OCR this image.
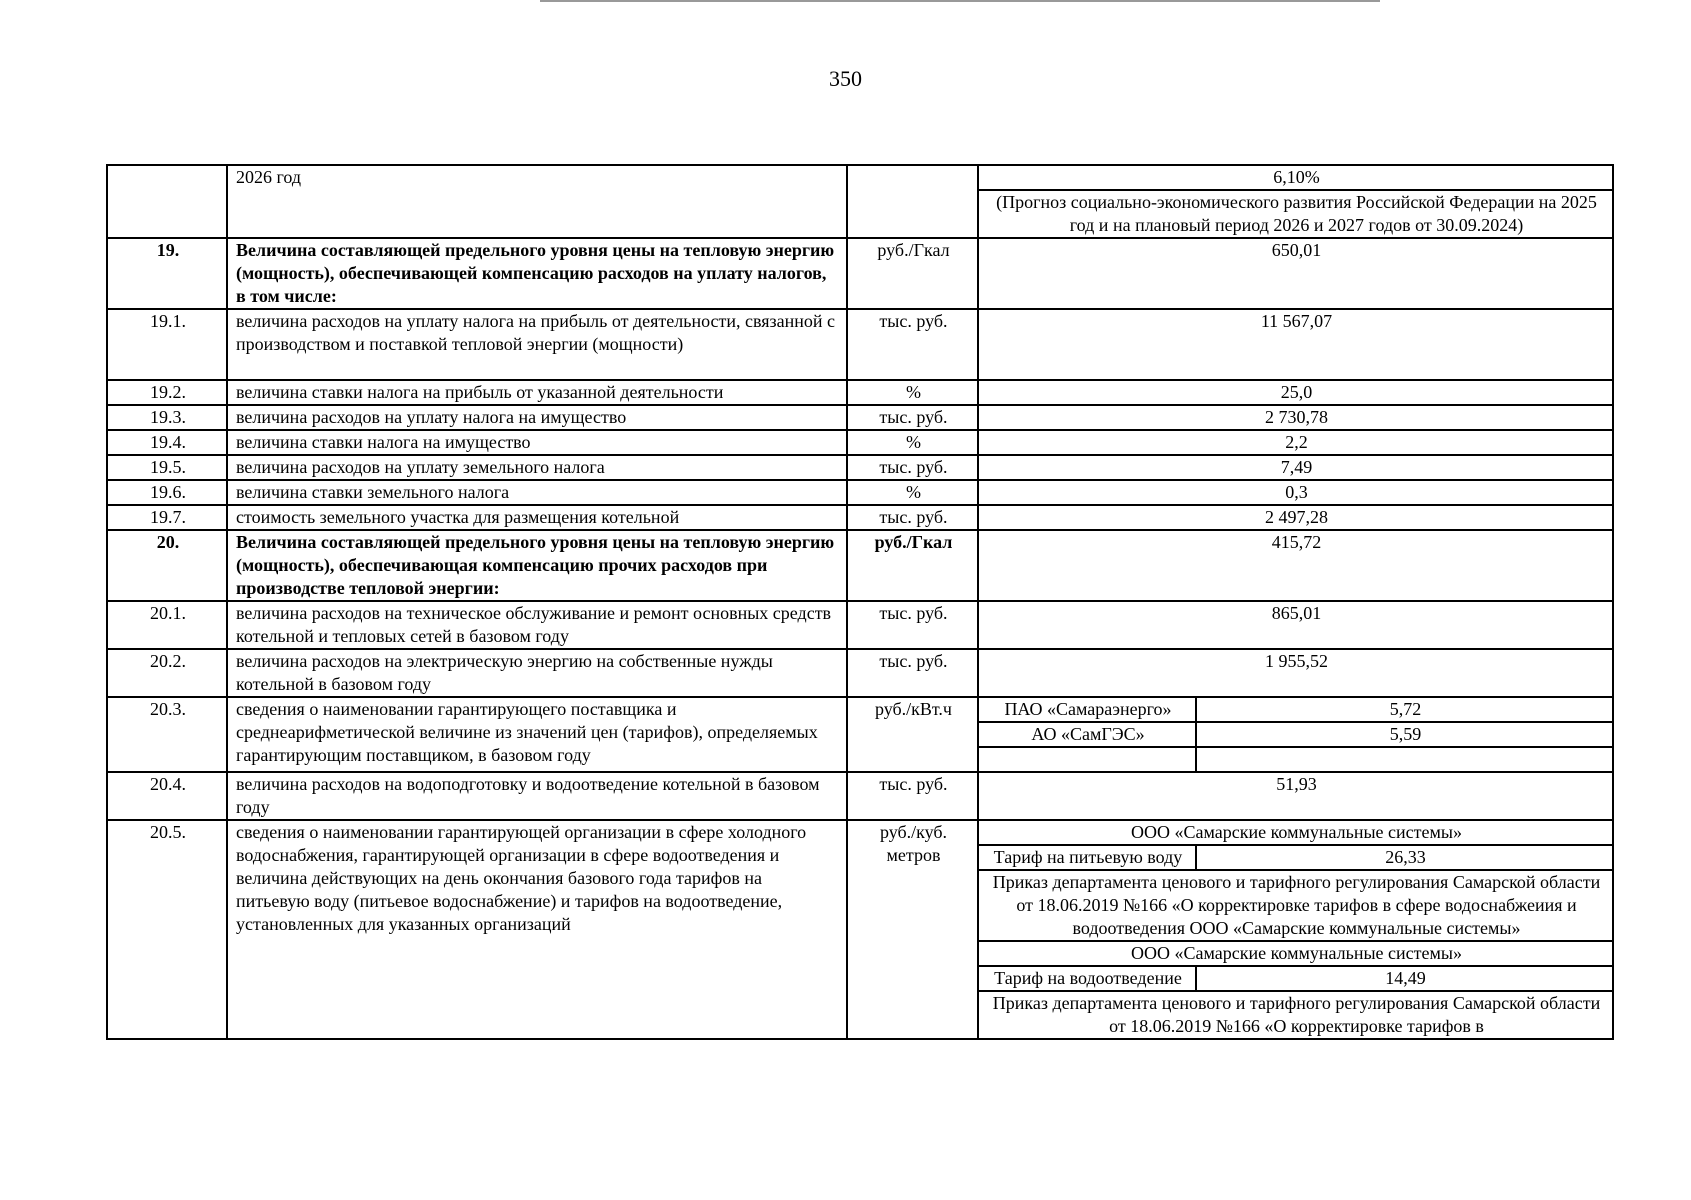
350
	2026 год		6,10%	
			(Прогноз социально-экономического развития Российской Федерации на 2025 год и на плановый период 2026 и 2027 годов от 30.09.2024)	
19.	Величина составляющей предельного уровня цены на тепловую энергию (мощность), обеспечивающей компенсацию расходов на уплату налогов, в том числе:	руб./Гкал	650,01	
19.1.	величина расходов на уплату налога на прибыль от деятельности, связанной с производством и поставкой тепловой энергии (мощности)	тыс. руб.	11 567,07	
19.2.	величина ставки налога на прибыль от указанной деятельности	%	25,0	
19.3.	величина расходов на уплату налога на имущество	тыс. руб.	2 730,78	
19.4.	величина ставки налога на имущество	%	2,2	
19.5.	величина расходов на уплату земельного налога	тыс. руб.	7,49	
19.6.	величина ставки земельного налога	%	0,3	
19.7.	стоимость земельного участка для размещения котельной	тыс. руб.	2 497,28	
20.	Величина составляющей предельного уровня цены на тепловую энергию (мощность), обеспечивающая компенсацию прочих расходов при производстве тепловой энергии:	руб./Гкал	415,72	
20.1.	величина расходов на техническое обслуживание и ремонт основных средств котельной и тепловых сетей в базовом году	тыс. руб.	865,01	
20.2.	величина расходов на электрическую энергию на собственные нужды котельной в базовом году	тыс. руб.	1 955,52	
20.3.	сведения о наименовании гарантирующего поставщика и среднеарифметической величине из значений цен (тарифов), определяемых гарантирующим поставщиком, в базовом году	руб./кВт.ч	ПАО «Самараэнерго»	5,72
			АО «СамГЭС»	5,59

20.4.	величина расходов на водоподготовку и водоотведение котельной в базовом году	тыс. руб.	51,93	
20.5.	сведения о наименовании гарантирующей организации в сфере холодного водоснабжения, гарантирующей организации в сфере водоотведения и величина действующих на день окончания базового года тарифов на питьевую воду (питьевое водоснабжение) и тарифов на водоотведение, установленных для указанных организаций	руб./куб. метров	ООО «Самарские коммунальные системы»	
			Тариф на питьевую воду	26,33
			Приказ департамента ценового и тарифного регулирования Самарской области от 18.06.2019 №166 «О корректировке тарифов в сфере водоснабжеиия и водоотведения ООО «Самарские коммунальные системы»	
			ООО «Самарские коммунальные системы»	
			Тариф на водоотведение	14,49
			Приказ департамента ценового и тарифного регулирования Самарской области от 18.06.2019 №166 «О корректировке тарифов в	
